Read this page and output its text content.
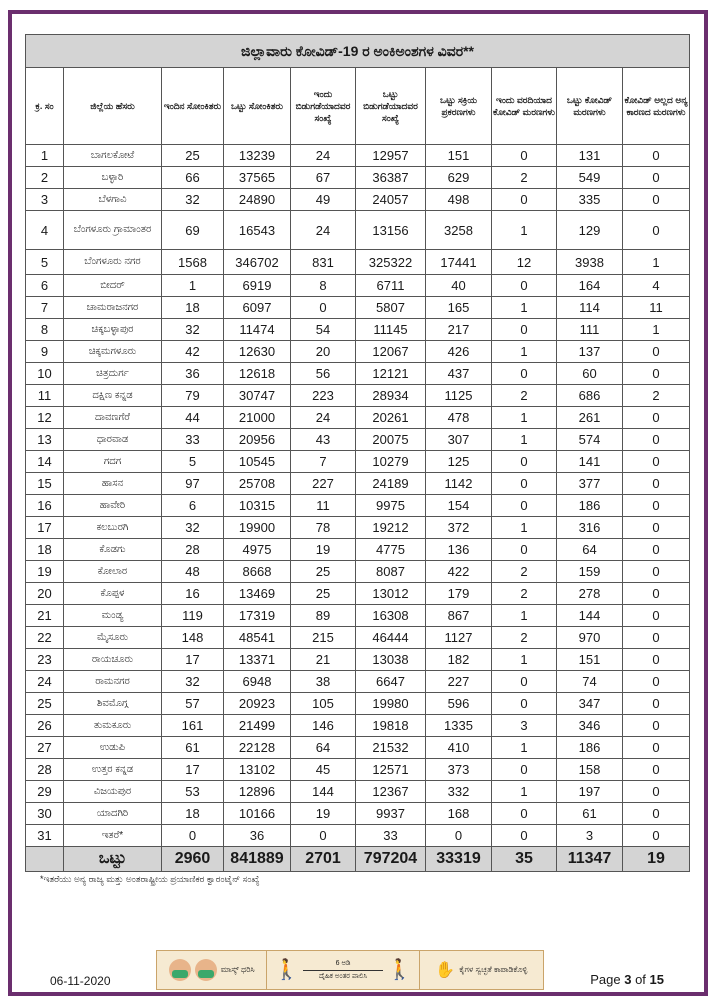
ಜಿಲ್ಲಾವಾರು ಕೋವಿಡ್-19 ರ ಅಂಕಿಅಂಶಗಳ ವಿವರ**									
ಕ್ರ. ಸಂ	ಜಿಲ್ಲೆಯ ಹೆಸರು	ಇಂದಿನ ಸೋಂಕಿತರು	ಒಟ್ಟು ಸೋಂಕಿತರು	ಇಂದು ಬಿಡುಗಡೆಯಾದವರ ಸಂಖ್ಯೆ	ಒಟ್ಟು ಬಿಡುಗಡೆಯಾದವರ ಸಂಖ್ಯೆ	ಒಟ್ಟು ಸಕ್ರಿಯ ಪ್ರಕರಣಗಳು	ಇಂದು ವರದಿಯಾದ ಕೋವಿಡ್ ಮರಣಗಳು	ಒಟ್ಟು ಕೋವಿಡ್ ಮರಣಗಳು	ಕೋವಿಡ್ ಅಲ್ಲದ ಅನ್ಯ ಕಾರಣದ ಮರಣಗಳು
1	ಬಾಗಲಕೋಟೆ	25	13239	24	12957	151	0	131	0
2	ಬಳ್ಳಾರಿ	66	37565	67	36387	629	2	549	0
3	ಬೆಳಗಾವಿ	32	24890	49	24057	498	0	335	0
4	ಬೆಂಗಳೂರು ಗ್ರಾಮಾಂತರ	69	16543	24	13156	3258	1	129	0
5	ಬೆಂಗಳೂರು ನಗರ	1568	346702	831	325322	17441	12	3938	1
6	ಬೀದರ್	1	6919	8	6711	40	0	164	4
7	ಚಾಮರಾಜನಗರ	18	6097	0	5807	165	1	114	11
8	ಚಿಕ್ಕಬಳ್ಳಾಪುರ	32	11474	54	11145	217	0	111	1
9	ಚಿಕ್ಕಮಗಳೂರು	42	12630	20	12067	426	1	137	0
10	ಚಿತ್ರದುರ್ಗ	36	12618	56	12121	437	0	60	0
11	ದಕ್ಷಿಣ ಕನ್ನಡ	79	30747	223	28934	1125	2	686	2
12	ದಾವಣಗೆರೆ	44	21000	24	20261	478	1	261	0
13	ಧಾರವಾಡ	33	20956	43	20075	307	1	574	0
14	ಗದಗ	5	10545	7	10279	125	0	141	0
15	ಹಾಸನ	97	25708	227	24189	1142	0	377	0
16	ಹಾವೇರಿ	6	10315	11	9975	154	0	186	0
17	ಕಲಬುರಗಿ	32	19900	78	19212	372	1	316	0
18	ಕೊಡಗು	28	4975	19	4775	136	0	64	0
19	ಕೋಲಾರ	48	8668	25	8087	422	2	159	0
20	ಕೊಪ್ಪಳ	16	13469	25	13012	179	2	278	0
21	ಮಂಡ್ಯ	119	17319	89	16308	867	1	144	0
22	ಮೈಸೂರು	148	48541	215	46444	1127	2	970	0
23	ರಾಯಚೂರು	17	13371	21	13038	182	1	151	0
24	ರಾಮನಗರ	32	6948	38	6647	227	0	74	0
25	ಶಿವಮೊಗ್ಗ	57	20923	105	19980	596	0	347	0
26	ತುಮಕೂರು	161	21499	146	19818	1335	3	346	0
27	ಉಡುಪಿ	61	22128	64	21532	410	1	186	0
28	ಉತ್ತರ ಕನ್ನಡ	17	13102	45	12571	373	0	158	0
29	ವಿಜಯಪುರ	53	12896	144	12367	332	1	197	0
30	ಯಾದಗಿರಿ	18	10166	19	9937	168	0	61	0
31	ಇತರೆ*	0	36	0	33	0	0	3	0
	ಒಟ್ಟು	2960	841889	2701	797204	33319	35	11347	19
*ಇತರೆಯು ಅನ್ಯ ರಾಜ್ಯ ಮತ್ತು ಅಂತರಾಷ್ಟ್ರೀಯ ಪ್ರಯಾಣಿಕರ ಕ್ವಾರಂಟೈನ್ ಸಂಖ್ಯೆ
06-11-2020
ಮಾಸ್ಕ್ ಧರಿಸಿ 🚶	6 ಅಡಿ
ದೈಹಿಕ ಅಂತರ ಪಾಲಿಸಿ 🚶 ✋ ಕೈಗಳ ಸ್ವಚ್ಛತೆ ಕಾಪಾಡಿಕೊಳ್ಳಿ
Page 3 of 15
